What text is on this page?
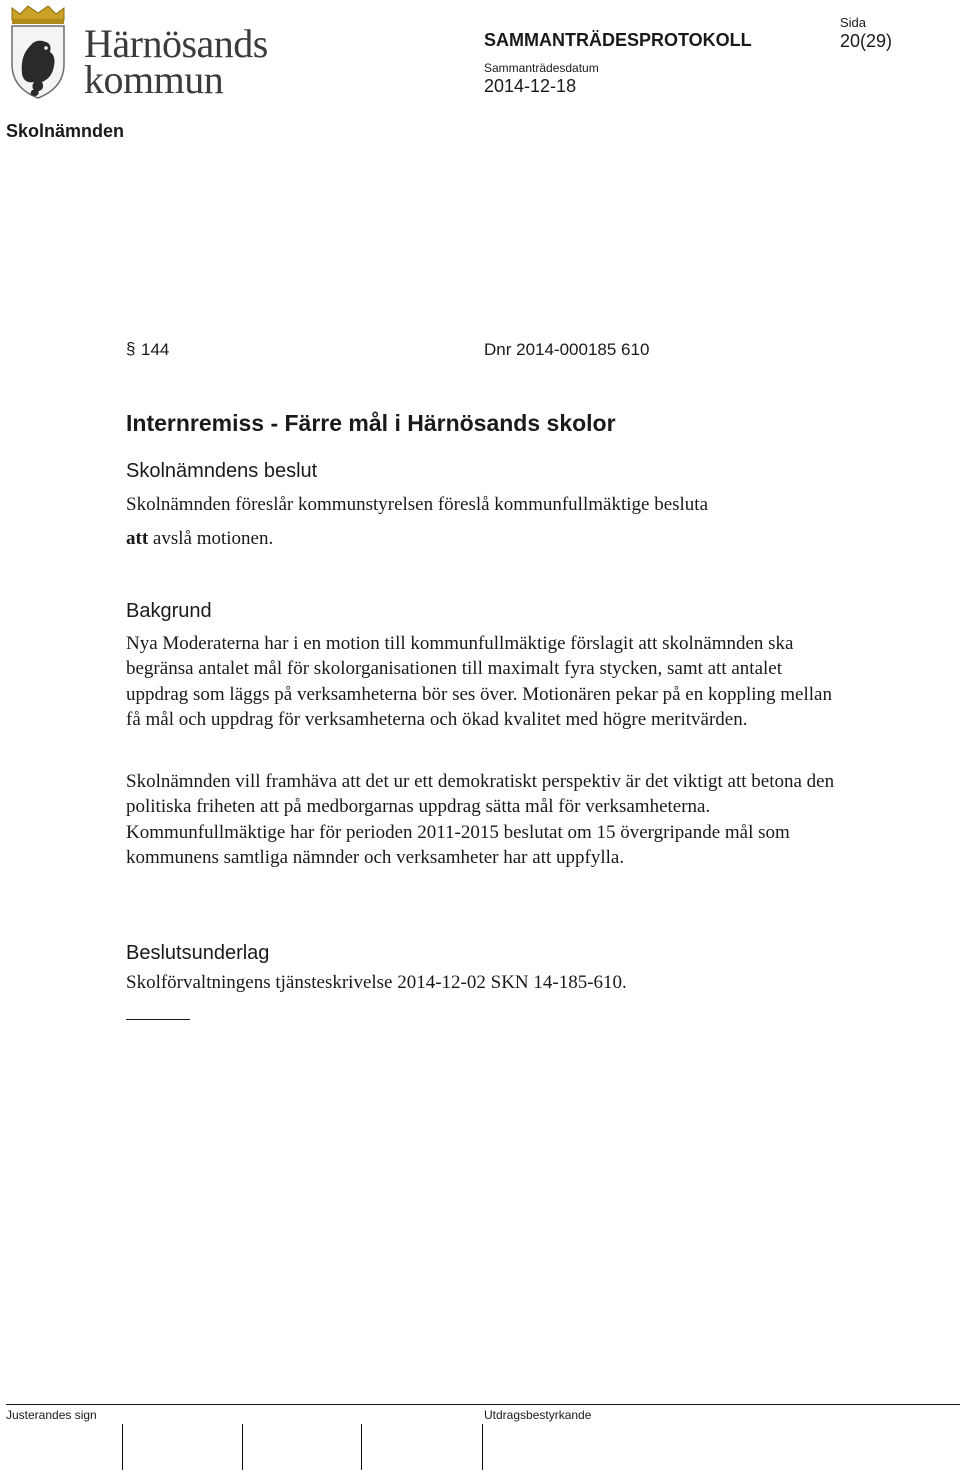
Härnösands
kommun
SAMMANTRÄDESPROTOKOLL
Sammanträdesdatum
2014-12-18
Sida
20(29)
Skolnämnden
§ 144	Dnr 2014-000185 610
Internremiss - Färre mål i Härnösands skolor
Skolnämndens beslut
Skolnämnden föreslår kommunstyrelsen föreslå kommunfullmäktige besluta
att avslå motionen.
Bakgrund
Nya Moderaterna har i en motion till kommunfullmäktige förslagit att skolnämnden ska begränsa antalet mål för skolorganisationen till maximalt fyra stycken, samt att antalet uppdrag som läggs på verksamheterna bör ses över. Motionären pekar på en koppling mellan få mål och uppdrag för verksamheterna och ökad kvalitet med högre meritvärden.
Skolnämnden vill framhäva att det ur ett demokratiskt perspektiv är det viktigt att betona den politiska friheten att på medborgarnas uppdrag sätta mål för verksamheterna. Kommunfullmäktige har för perioden 2011-2015 beslutat om 15 övergripande mål som kommunens samtliga nämnder och verksamheter har att uppfylla.
Beslutsunderlag
Skolförvaltningens tjänsteskrivelse 2014-12-02 SKN 14-185-610.
Justerandes sign	Utdragsbestyrkande
